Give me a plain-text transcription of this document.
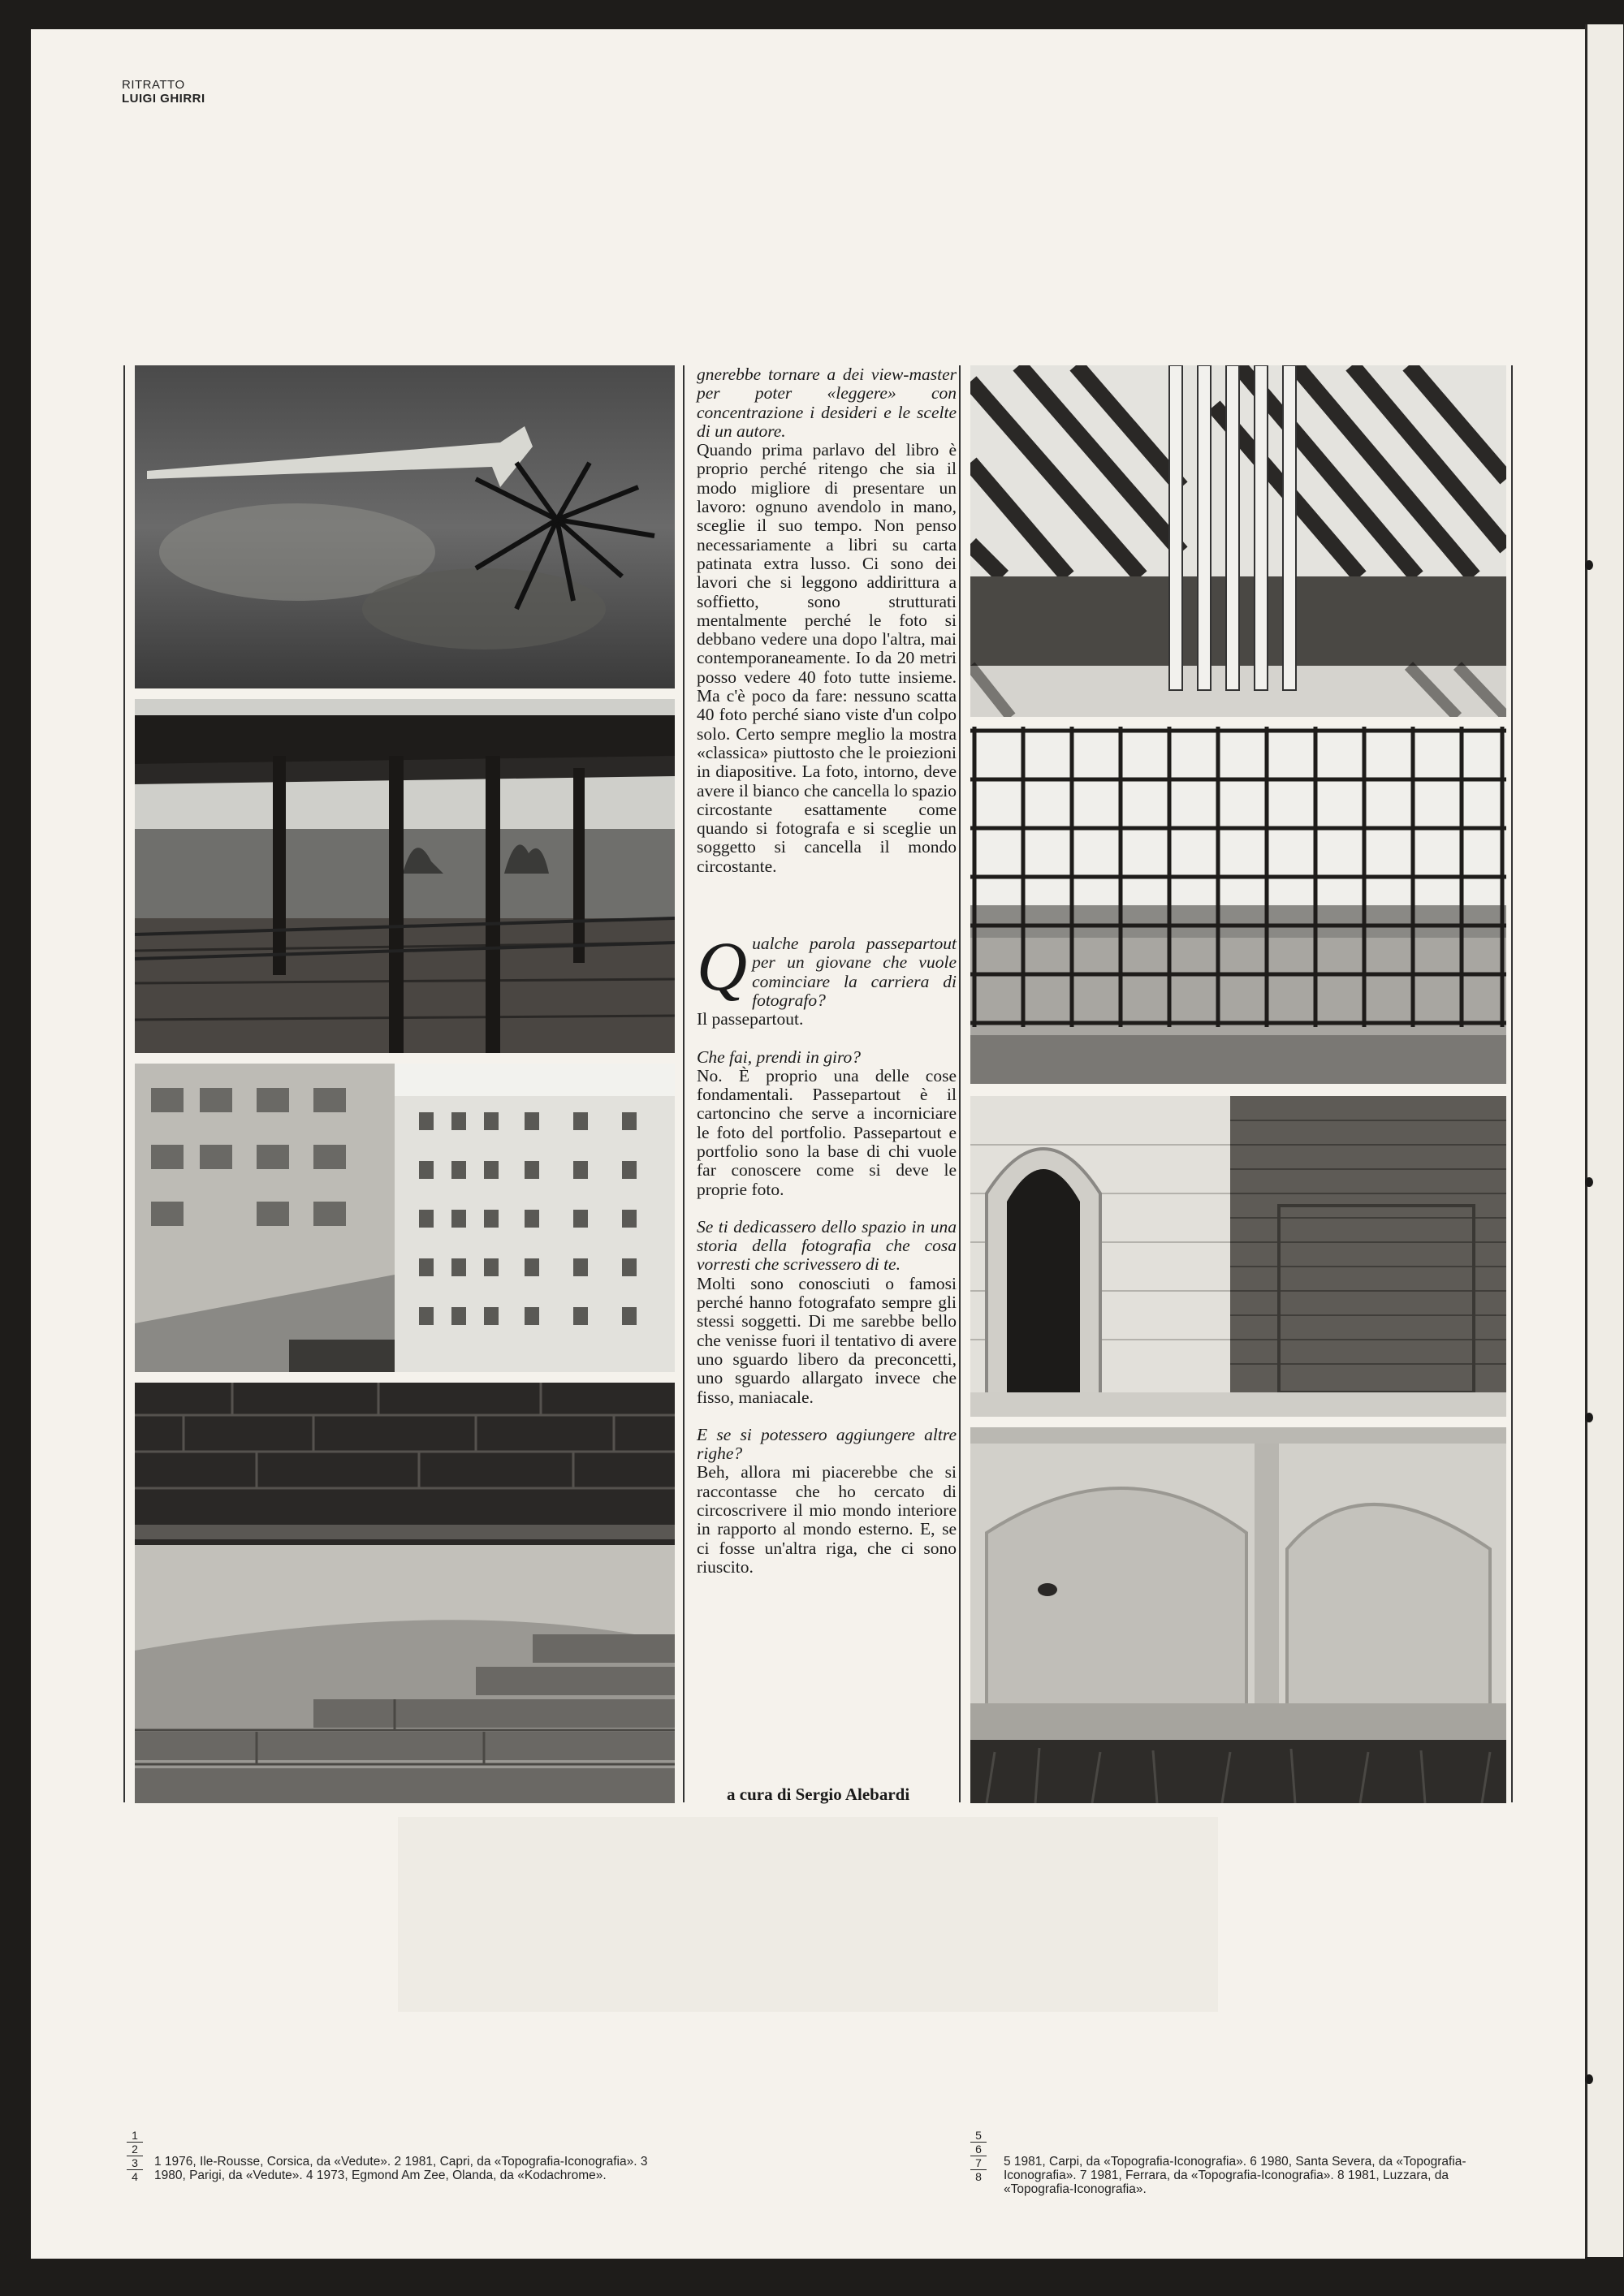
RITRATTO
LUIGI GHIRRI

gnerebbe tornare a dei view-master per poter «leggere» con concentrazione i desideri e le scelte di un autore.

Quando prima parlavo del libro è proprio perché ritengo che sia il modo migliore di presentare un lavoro: ognuno avendolo in mano, sceglie il suo tempo. Non penso necessariamente a libri su carta patinata extra lusso. Ci sono dei lavori che si leggono addirittura a soffietto, sono strutturati mentalmente perché le foto si debbano vedere una dopo l'altra, mai contemporaneamente. Io da 20 metri posso vedere 40 foto tutte insieme. Ma c'è poco da fare: nessuno scatta 40 foto perché siano viste d'un colpo solo. Certo sempre meglio la mostra «classica» piuttosto che le proiezioni in diapositive. La foto, intorno, deve avere il bianco che cancella lo spazio circostante esattamente come quando si fotografa e si sceglie un soggetto si cancella il mondo circostante.

Qualche parola passepartout per un giovane che vuole cominciare la carriera di fotografo?

Il passepartout.

Che fai, prendi in giro?

No. È proprio una delle cose fondamentali. Passepartout è il cartoncino che serve a incorniciare le foto del portfolio. Passepartout e portfolio sono la base di chi vuole far conoscere come si deve le proprie foto.

Se ti dedicassero dello spazio in una storia della fotografia che cosa vorresti che scrivessero di te.

Molti sono conosciuti o famosi perché hanno fotografato sempre gli stessi soggetti. Di me sarebbe bello che venisse fuori il tentativo di avere uno sguardo libero da preconcetti, uno sguardo allargato invece che fisso, maniacale.

E se si potessero aggiungere altre righe?

Beh, allora mi piacerebbe che si raccontasse che ho cercato di circoscrivere il mio mondo interiore in rapporto al mondo esterno. E, se ci fosse un'altra riga, che ci sono riuscito.

a cura di Sergio Alebardi
1
2
3
4
1 1976, Ile-Rousse, Corsica, da «Vedute». 2 1981, Capri, da «Topografia-Iconografia». 3 1980, Parigi, da «Vedute». 4 1973, Egmond Am Zee, Olanda, da «Kodachrome».
5
6
7
8
5 1981, Carpi, da «Topografia-Iconografia». 6 1980, Santa Severa, da «Topografia-Iconografia». 7 1981, Ferrara, da «Topografia-Iconografia». 8 1981, Luzzara, da «Topografia-Iconografia».
